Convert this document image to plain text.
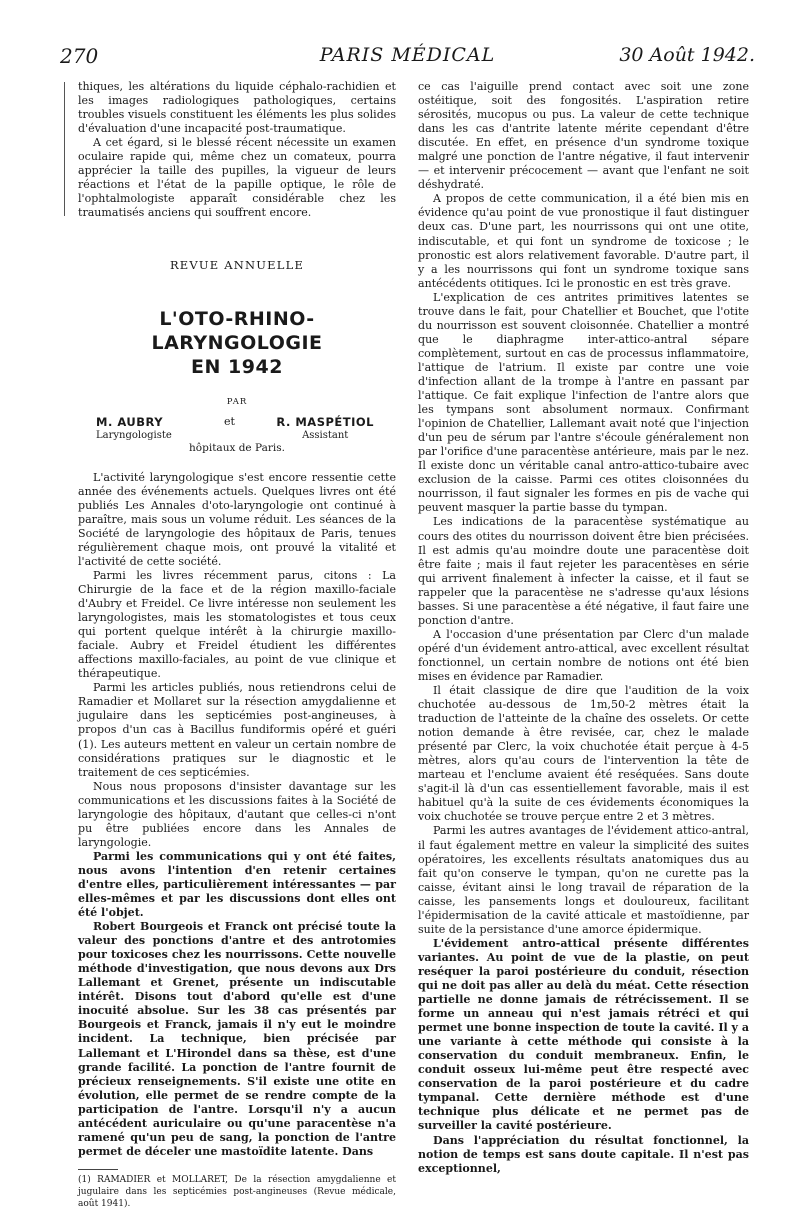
270	PARIS MÉDICAL	30 Août 1942.

thiques, les altérations du liquide céphalo-rachidien et les images radiologiques pathologiques, certains troubles visuels constituent les éléments les plus solides d'évaluation d'une incapacité post-traumatique.

A cet égard, si le blessé récent nécessite un examen oculaire rapide qui, même chez un comateux, pourra apprécier la taille des pupilles, la vigueur de leurs réactions et l'état de la papille optique, le rôle de l'ophtalmologiste apparaît considérable chez les traumatisés anciens qui souffrent encore.

REVUE ANNUELLE
L'OTO-RHINO-LARYNGOLOGIE
EN 1942
PAR
M. AUBRY
Laryngologiste
et	R. MASPÉTIOL
Assistant
hôpitaux de Paris.

L'activité laryngologique s'est encore ressentie cette année des événements actuels. Quelques livres ont été publiés Les Annales d'oto-laryngologie ont continué à paraître, mais sous un volume réduit. Les séances de la Société de laryngologie des hôpitaux de Paris, tenues régulièrement chaque mois, ont prouvé la vitalité et l'activité de cette société.

Parmi les livres récemment parus, citons : La Chirurgie de la face et de la région maxillo-faciale d'Aubry et Freidel. Ce livre intéresse non seulement les laryngologistes, mais les stomatologistes et tous ceux qui portent quelque intérêt à la chirurgie maxillo-faciale. Aubry et Freidel étudient les différentes affections maxillo-faciales, au point de vue clinique et thérapeutique.

Parmi les articles publiés, nous retiendrons celui de Ramadier et Mollaret sur la résection amygdalienne et jugulaire dans les septicémies post-angineuses, à propos d'un cas à Bacillus fundiformis opéré et guéri (1). Les auteurs mettent en valeur un certain nombre de considérations pratiques sur le diagnostic et le traitement de ces septicémies.

Nous nous proposons d'insister davantage sur les communications et les discussions faites à la Société de laryngologie des hôpitaux, d'autant que celles-ci n'ont pu être publiées encore dans les Annales de laryngologie.

Parmi les communications qui y ont été faites, nous avons l'intention d'en retenir certaines d'entre elles, particulièrement intéressantes — par elles-mêmes et par les discussions dont elles ont été l'objet.

Robert Bourgeois et Franck ont précisé toute la valeur des ponctions d'antre et des antrotomies pour toxicoses chez les nourrissons. Cette nouvelle méthode d'investigation, que nous devons aux Drs Lallemant et Grenet, présente un indiscutable intérêt. Disons tout d'abord qu'elle est d'une inocuité absolue. Sur les 38 cas présentés par Bourgeois et Franck, jamais il n'y eut le moindre incident. La technique, bien précisée par Lallemant et L'Hirondel dans sa thèse, est d'une grande facilité. La ponction de l'antre fournit de précieux renseignements. S'il existe une otite en évolution, elle permet de se rendre compte de la participation de l'antre. Lorsqu'il n'y a aucun antécédent auriculaire ou qu'une paracentèse n'a ramené qu'un peu de sang, la ponction de l'antre permet de déceler une mastoïdite latente. Dans

(1) RAMADIER et MOLLARET, De la résection amygdalienne et jugulaire dans les septicémies post-angineuses (Revue médicale, août 1941).

ce cas l'aiguille prend contact avec soit une zone ostéitique, soit des fongosités. L'aspiration retire sérosités, mucopus ou pus. La valeur de cette technique dans les cas d'antrite latente mérite cependant d'être discutée. En effet, en présence d'un syndrome toxique malgré une ponction de l'antre négative, il faut intervenir — et intervenir précocement — avant que l'enfant ne soit déshydraté.

A propos de cette communication, il a été bien mis en évidence qu'au point de vue pronostique il faut distinguer deux cas. D'une part, les nourrissons qui ont une otite, indiscutable, et qui font un syndrome de toxicose ; le pronostic est alors relativement favorable. D'autre part, il y a les nourrissons qui font un syndrome toxique sans antécédents otitiques. Ici le pronostic en est très grave.

L'explication de ces antrites primitives latentes se trouve dans le fait, pour Chatellier et Bouchet, que l'otite du nourrisson est souvent cloisonnée. Chatellier a montré que le diaphragme inter-attico-antral sépare complètement, surtout en cas de processus inflammatoire, l'attique de l'atrium. Il existe par contre une voie d'infection allant de la trompe à l'antre en passant par l'attique. Ce fait explique l'infection de l'antre alors que les tympans sont absolument normaux. Confirmant l'opinion de Chatellier, Lallemant avait noté que l'injection d'un peu de sérum par l'antre s'écoule généralement non par l'orifice d'une paracentèse antérieure, mais par le nez. Il existe donc un véritable canal antro-attico-tubaire avec exclusion de la caisse. Parmi ces otites cloisonnées du nourrisson, il faut signaler les formes en pis de vache qui peuvent masquer la partie basse du tympan.

Les indications de la paracentèse systématique au cours des otites du nourrisson doivent être bien précisées. Il est admis qu'au moindre doute une paracentèse doit être faite ; mais il faut rejeter les paracentèses en série qui arrivent finalement à infecter la caisse, et il faut se rappeler que la paracentèse ne s'adresse qu'aux lésions basses. Si une paracentèse a été négative, il faut faire une ponction d'antre.

A l'occasion d'une présentation par Clerc d'un malade opéré d'un évidement antro-attical, avec excellent résultat fonctionnel, un certain nombre de notions ont été bien mises en évidence par Ramadier.

Il était classique de dire que l'audition de la voix chuchotée au-dessous de 1m,50-2 mètres était la traduction de l'atteinte de la chaîne des osselets. Or cette notion demande à être revisée, car, chez le malade présenté par Clerc, la voix chuchotée était perçue à 4-5 mètres, alors qu'au cours de l'intervention la tête de marteau et l'enclume avaient été reséquées. Sans doute s'agit-il là d'un cas essentiellement favorable, mais il est habituel qu'à la suite de ces évidements économiques la voix chuchotée se trouve perçue entre 2 et 3 mètres.

Parmi les autres avantages de l'évidement attico-antral, il faut également mettre en valeur la simplicité des suites opératoires, les excellents résultats anatomiques dus au fait qu'on conserve le tympan, qu'on ne curette pas la caisse, évitant ainsi le long travail de réparation de la caisse, les pansements longs et douloureux, facilitant l'épidermisation de la cavité atticale et mastoïdienne, par suite de la persistance d'une amorce épidermique.

L'évidement antro-attical présente différentes variantes. Au point de vue de la plastie, on peut reséquer la paroi postérieure du conduit, résection qui ne doit pas aller au delà du méat. Cette résection partielle ne donne jamais de rétrécissement. Il se forme un anneau qui n'est jamais rétréci et qui permet une bonne inspection de toute la cavité. Il y a une variante à cette méthode qui consiste à la conservation du conduit membraneux. Enfin, le conduit osseux lui-même peut être respecté avec conservation de la paroi postérieure et du cadre tympanal. Cette dernière méthode est d'une technique plus délicate et ne permet pas de surveiller la cavité postérieure.

Dans l'appréciation du résultat fonctionnel, la notion de temps est sans doute capitale. Il n'est pas exceptionnel,
